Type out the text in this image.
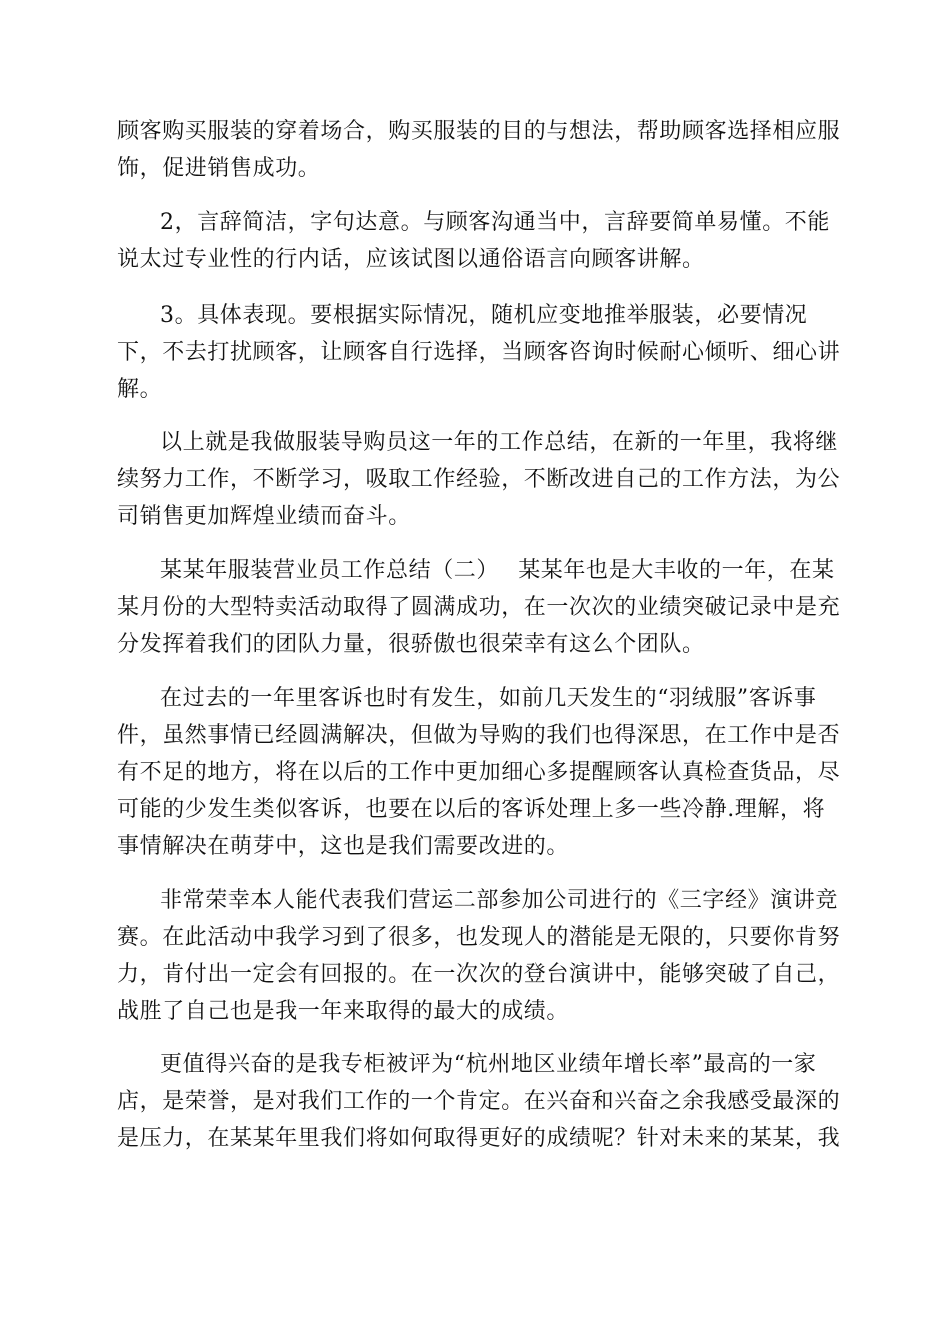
顾客购买服装的穿着场合，购买服装的目的与想法，帮助顾客选择相应服

饰，促进销售成功。

2，言辞简洁，字句达意。与顾客沟通当中，言辞要简单易懂。不能

说太过专业性的行内话，应该试图以通俗语言向顾客讲解。

3。具体表现。要根据实际情况，随机应变地推举服装，必要情况

下，不去打扰顾客，让顾客自行选择，当顾客咨询时候耐心倾听、细心讲

解。

以上就是我做服装导购员这一年的工作总结，在新的一年里，我将继

续努力工作，不断学习，吸取工作经验，不断改进自己的工作方法，为公

司销售更加辉煌业绩而奋斗。

某某年服装营业员工作总结（二）　 某某年也是大丰收的一年，在某

某月份的大型特卖活动取得了圆满成功，在一次次的业绩突破记录中是充

分发挥着我们的团队力量，很骄傲也很荣幸有这么个团队。

在过去的一年里客诉也时有发生，如前几天发生的“羽绒服”客诉事

件，虽然事情已经圆满解决，但做为导购的我们也得深思，在工作中是否

有不足的地方，将在以后的工作中更加细心多提醒顾客认真检查货品，尽

可能的少发生类似客诉，也要在以后的客诉处理上多一些冷静.理解，将

事情解决在萌芽中，这也是我们需要改进的。

非常荣幸本人能代表我们营运二部参加公司进行的《三字经》演讲竞

赛。在此活动中我学习到了很多，也发现人的潜能是无限的，只要你肯努

力，肯付出一定会有回报的。在一次次的登台演讲中，能够突破了自己，

战胜了自己也是我一年来取得的最大的成绩。

更值得兴奋的是我专柜被评为“杭州地区业绩年增长率”最高的一家

店，是荣誉，是对我们工作的一个肯定。在兴奋和兴奋之余我感受最深的

是压力，在某某年里我们将如何取得更好的成绩呢？针对未来的某某，我
